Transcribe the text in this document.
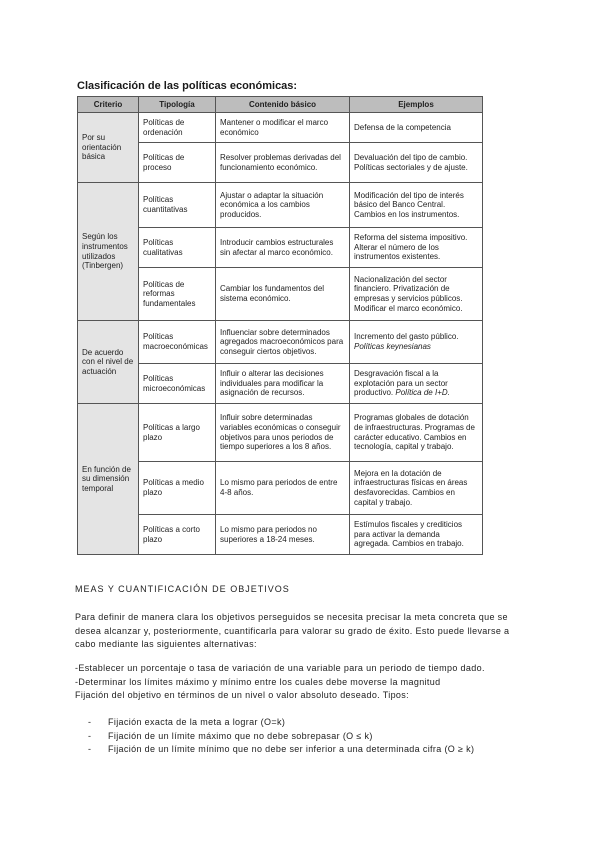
Clasificación de las políticas económicas:
Criterio	Tipología	Contenido básico	Ejemplos
Por su orientación básica	Políticas de ordenación	Mantener o modificar el marco económico	Defensa de la competencia
	Políticas de proceso	Resolver problemas derivadas del funcionamiento económico.	Devaluación del tipo de cambio. Políticas sectoriales y de ajuste.
Según los instrumentos utilizados (Tinbergen)	Políticas cuantitativas	Ajustar o adaptar la situación económica a los cambios producidos.	Modificación del tipo de interés básico del Banco Central. Cambios en los instrumentos.
	Políticas cualitativas	Introducir cambios estructurales sin afectar al marco económico.	Reforma del sistema impositivo. Alterar el número de los instrumentos existentes.
	Políticas de reformas fundamentales	Cambiar los fundamentos del sistema económico.	Nacionalización del sector financiero. Privatización de empresas y servicios públicos. Modificar el marco económico.
De acuerdo con el nivel de actuación	Políticas macroeconómicas	Influenciar sobre determinados agregados macroeconómicos para conseguir ciertos objetivos.	Incremento del gasto público. Políticas keynesianas
	Políticas microeconómicas	Influir o alterar las decisiones individuales para modificar la asignación de recursos.	Desgravación fiscal a la explotación para un sector productivo. Política de I+D.
En función de su dimensión temporal	Políticas a largo plazo	Influir sobre determinadas variables económicas o conseguir objetivos para unos periodos de tiempo superiores a los 8 años.	Programas globales de dotación de infraestructuras. Programas de carácter educativo. Cambios en tecnología, capital y trabajo.
	Políticas a medio plazo	Lo mismo para periodos de entre 4-8 años.	Mejora en la dotación de infraestructuras físicas en áreas desfavorecidas. Cambios en capital y trabajo.
	Políticas a corto plazo	Lo mismo para periodos no superiores a 18-24 meses.	Estímulos fiscales y crediticios para activar la demanda agregada. Cambios en trabajo.
MEAS Y CUANTIFICACIÓN DE OBJETIVOS
Para definir de manera clara los objetivos perseguidos se necesita precisar la meta concreta que se desea alcanzar y, posteriormente, cuantificarla para valorar su grado de éxito. Esto puede llevarse a cabo mediante las siguientes alternativas:
-Establecer un porcentaje o tasa de variación de una variable para un periodo de tiempo dado.
-Determinar los límites máximo y mínimo entre los cuales debe moverse la magnitud
Fijación del objetivo en términos de un nivel o valor absoluto deseado. Tipos:
- Fijación exacta de la meta a lograr (O=k)
- Fijación de un límite máximo que no debe sobrepasar (O ≤ k)
- Fijación de un límite mínimo que no debe ser inferior a una determinada cifra (O ≥ k)
